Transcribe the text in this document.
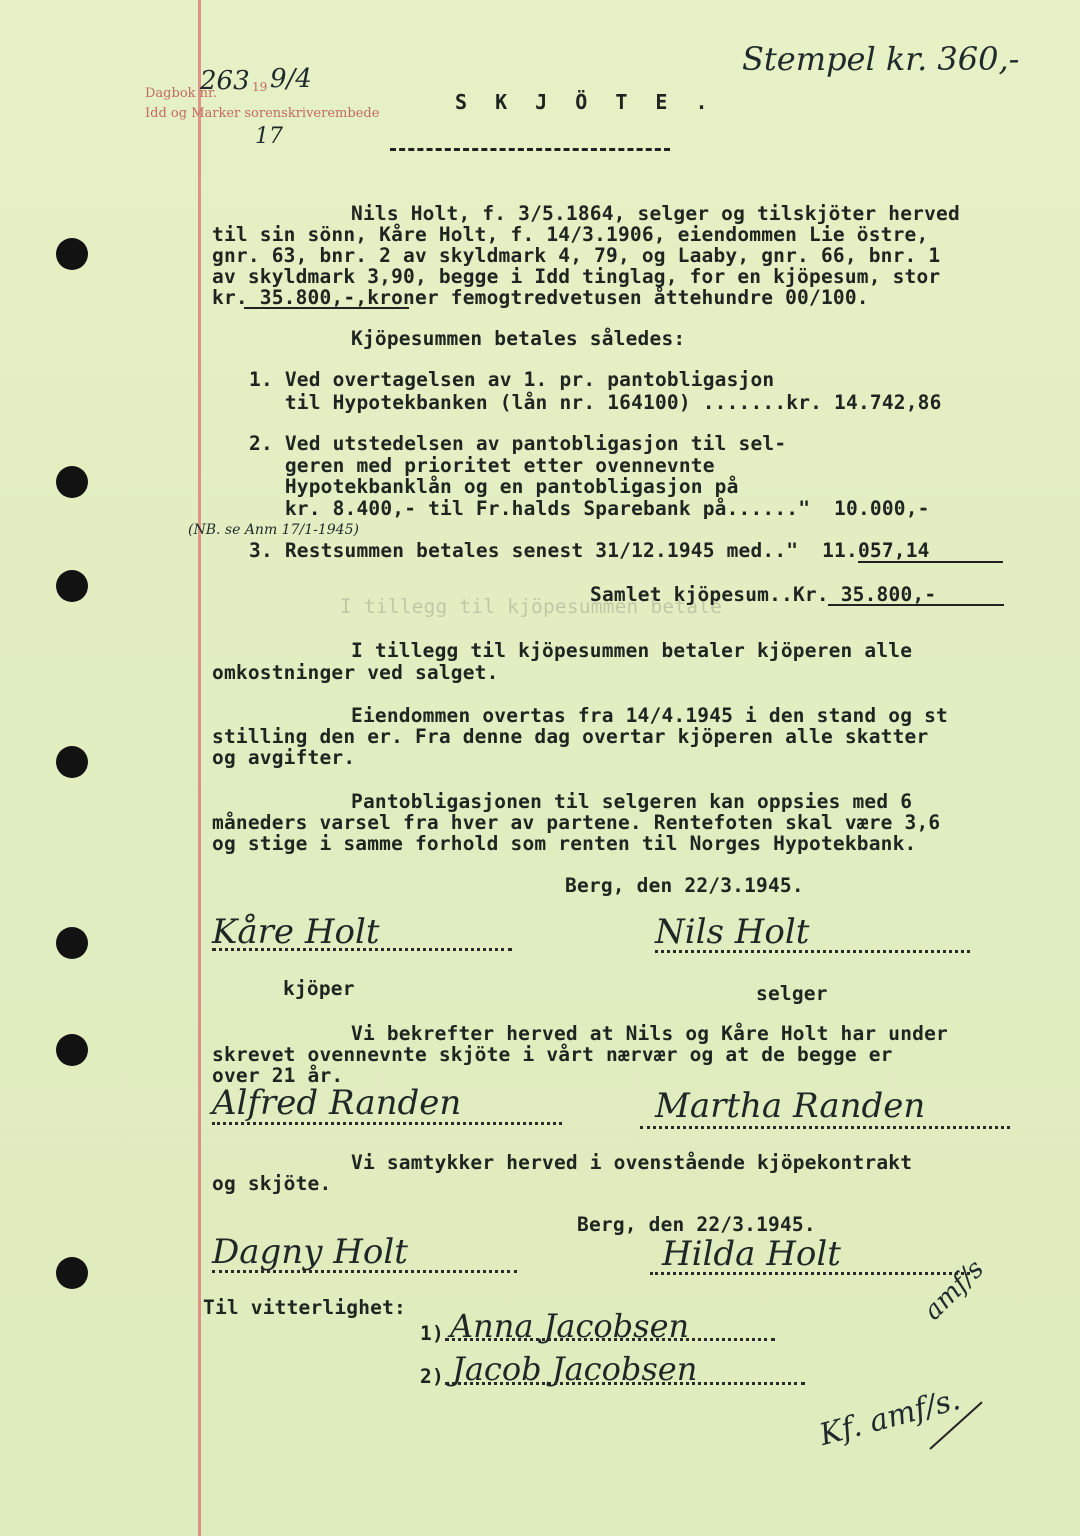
Dagbok nr.
263 19 9/4
Idd og Marker sorenskriverembede
17
Stempel kr. 360,-
S K J Ö T E .
Nils Holt, f. 3/5.1864, selger og tilskjöter herved
til sin sönn, Kåre Holt, f. 14/3.1906, eiendommen Lie östre,
gnr. 63, bnr. 2 av skyldmark 4, 79, og Laaby, gnr. 66, bnr. 1
av skyldmark 3,90, begge i Idd tinglag, for en kjöpesum, stor
kr. 35.800,-,kroner femogtredvetusen åttehundre 00/100.
Kjöpesummen betales således:
1. Ved overtagelsen av 1. pr. pantobligasjon
til Hypotekbanken (lån nr. 164100) .......kr. 14.742,86
2. Ved utstedelsen av pantobligasjon til sel-
geren med prioritet etter ovennevnte
Hypotekbanklån og en pantobligasjon på
kr. 8.400,- til Fr.halds Sparebank på......"  10.000,-
(NB. se Anm 17/1-1945)
3. Restsummen betales senest 31/12.1945 med.."  11.057,14
Samlet kjöpesum..Kr. 35.800,-
I tillegg til kjöpesummen betale
I tillegg til kjöpesummen betaler kjöperen alle
omkostninger ved salget.
Eiendommen overtas fra 14/4.1945 i den stand og st
stilling den er. Fra denne dag overtar kjöperen alle skatter
og avgifter.
Pantobligasjonen til selgeren kan oppsies med 6
måneders varsel fra hver av partene. Rentefoten skal være 3,6
og stige i samme forhold som renten til Norges Hypotekbank.
Berg, den 22/3.1945.
Kåre Holt	Nils Holt
kjöper	selger
Vi bekrefter herved at Nils og Kåre Holt har under
skrevet ovennevnte skjöte i vårt nærvær og at de begge er
over 21 år.
Alfred Randen	Martha Randen
Vi samtykker herved i ovenstående kjöpekontrakt
og skjöte.
Berg, den 22/3.1945.
Dagny Holt	Hilda Holt
Til vitterlighet:
1) Anna Jacobsen
2) Jacob Jacobsen
amf/s
Kf. amf/s.
